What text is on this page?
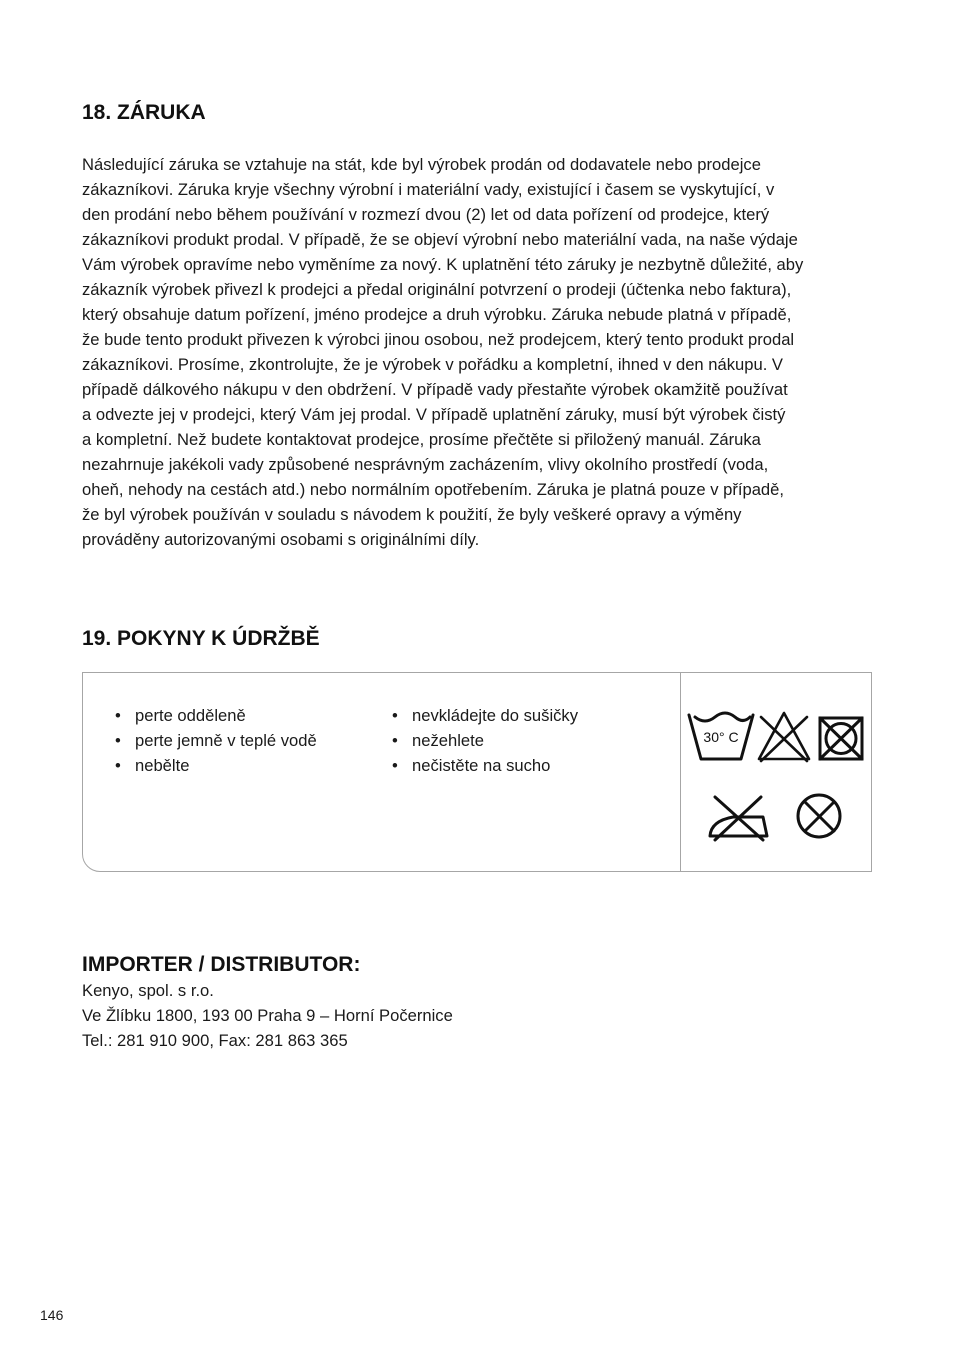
18. ZÁRUKA

Následující záruka se vztahuje na stát, kde byl výrobek prodán od dodavatele nebo prodejce
zákazníkovi. Záruka kryje všechny výrobní i materiální vady, existující i časem se vyskytující, v
den prodání nebo během používání v rozmezí dvou (2) let od data pořízení od prodejce, který
zákazníkovi produkt prodal. V případě, že se objeví výrobní nebo materiální vada, na naše výdaje
Vám výrobek opravíme nebo vyměníme za nový. K uplatnění této záruky je nezbytně důležité, aby
zákazník výrobek přivezl k prodejci a předal originální potvrzení o prodeji (účtenka nebo faktura),
který obsahuje datum pořízení, jméno prodejce a druh výrobku. Záruka nebude platná v případě,
že bude tento produkt přivezen k výrobci jinou osobou, než prodejcem, který tento produkt prodal
zákazníkovi. Prosíme, zkontrolujte, že je výrobek v pořádku a kompletní, ihned v den nákupu. V
případě dálkového nákupu v den obdržení. V případě vady přestaňte výrobek okamžitě používat
a odvezte jej v prodejci, který Vám jej prodal. V případě uplatnění záruky, musí být výrobek čistý
a kompletní. Než budete kontaktovat prodejce, prosíme přečtěte si přiložený manuál. Záruka
nezahrnuje jakékoli vady způsobené nesprávným zacházením, vlivy okolního prostředí (voda,
oheň, nehody na cestách atd.) nebo normálním opotřebením. Záruka je platná pouze v případě,
že byl výrobek používán v souladu s návodem k použití, že byly veškeré opravy a výměny
prováděny autorizovanými osobami s originálními díly.

19. POKYNY K ÚDRŽBĚ
• perte odděleně
• perte jemně v teplé vodě
• nebělte
• nevkládejte do sušičky
• nežehlete
• nečistěte na sucho
30° C
IMPORTER / DISTRIBUTOR:

Kenyo, spol. s r.o.
Ve Žlíbku 1800, 193 00 Praha 9 – Horní Počernice
Tel.: 281 910 900, Fax: 281 863 365

146
